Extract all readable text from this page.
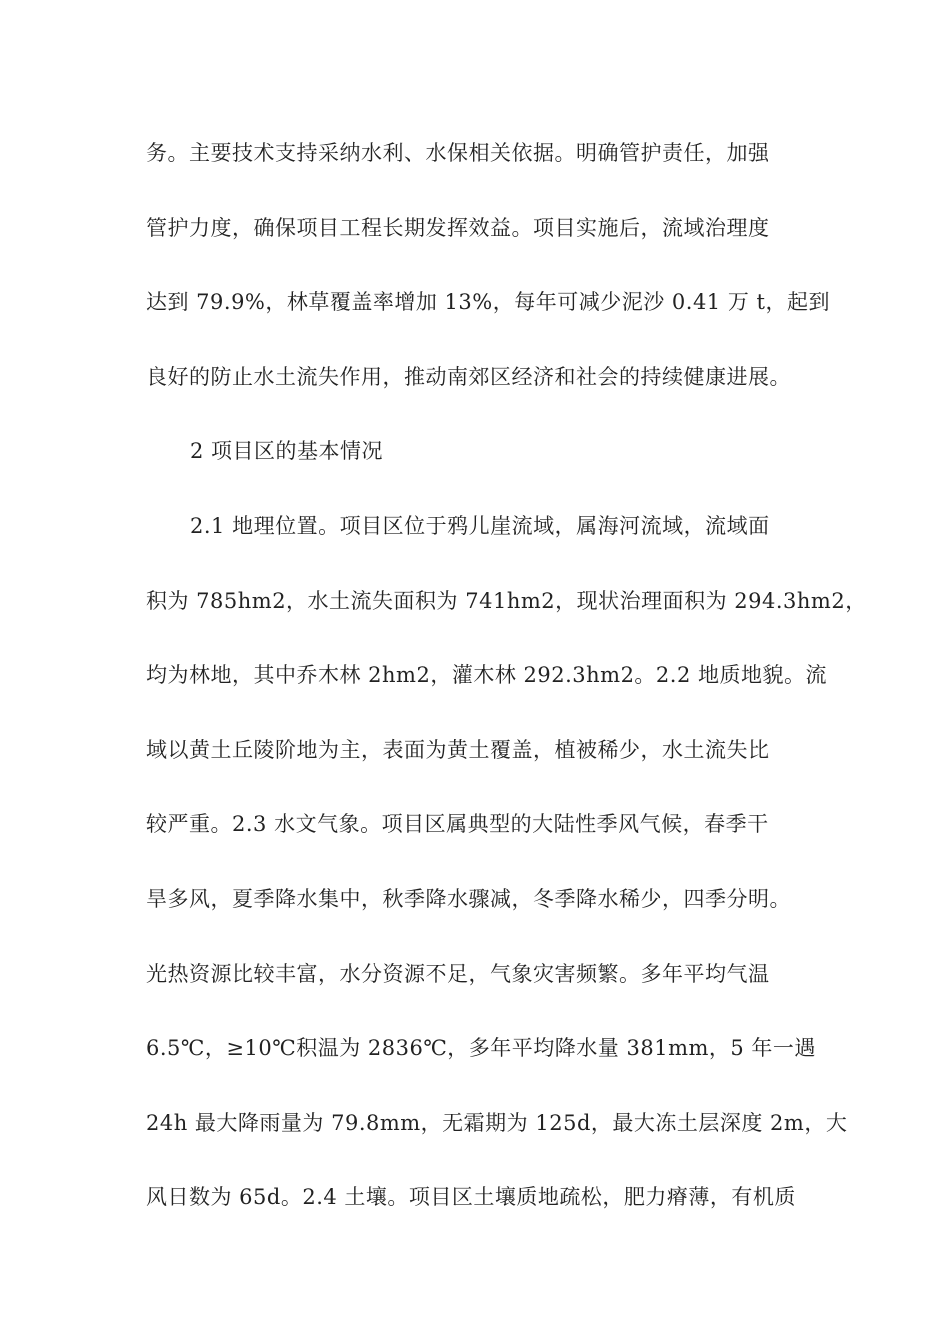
务。主要技术支持采纳水利、水保相关依据。明确管护责任，加强
管护力度，确保项目工程长期发挥效益。项目实施后，流域治理度
达到 79.9%，林草覆盖率增加 13%，每年可减少泥沙 0.41 万 t，起到
良好的防止水土流失作用，推动南郊区经济和社会的持续健康进展。
2 项目区的基本情况
2.1 地理位置。项目区位于鸦儿崖流域，属海河流域，流域面
积为 785hm2，水土流失面积为 741hm2，现状治理面积为 294.3hm2，
均为林地，其中乔木林 2hm2，灌木林 292.3hm2。2.2 地质地貌。流
域以黄土丘陵阶地为主，表面为黄土覆盖，植被稀少，水土流失比
较严重。2.3 水文气象。项目区属典型的大陆性季风气候，春季干
旱多风，夏季降水集中，秋季降水骤减，冬季降水稀少，四季分明。
光热资源比较丰富，水分资源不足，气象灾害频繁。多年平均气温
6.5℃，≥10℃积温为 2836℃，多年平均降水量 381mm，5 年一遇
24h 最大降雨量为 79.8mm，无霜期为 125d，最大冻土层深度 2m，大
风日数为 65d。2.4 土壤。项目区土壤质地疏松，肥力瘠薄，有机质
